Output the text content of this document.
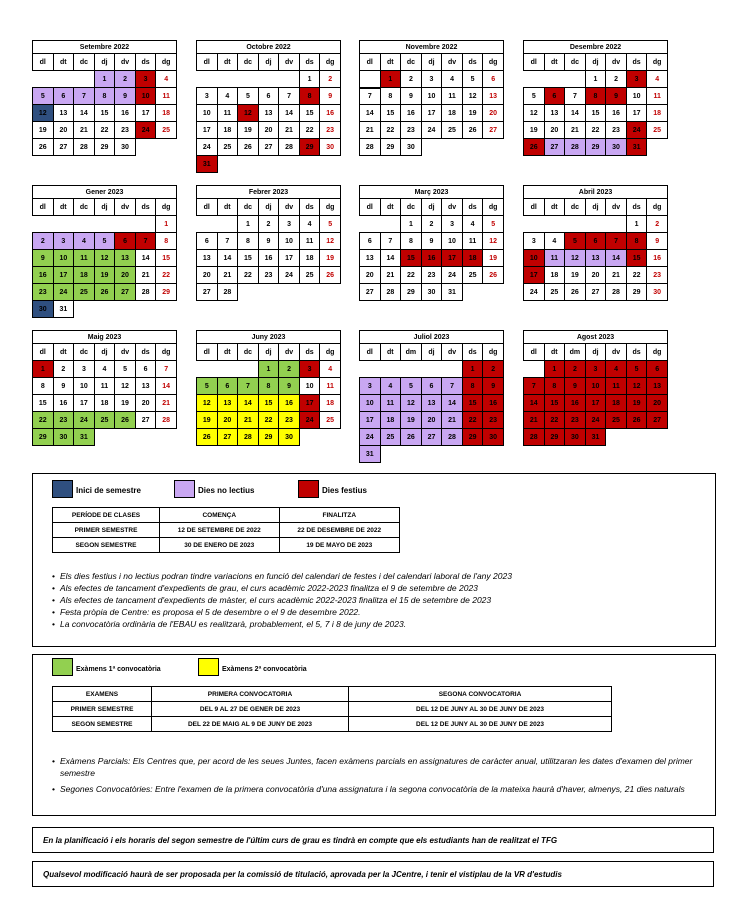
Setembre 2022						
dl	dt	dc	dj	dv	ds	dg
			1	2	3	4
5	6	7	8	9	10	11
12	13	14	15	16	17	18
19	20	21	22	23	24	25
26	27	28	29	30		
Octobre 2022						
dl	dt	dc	dj	dv	ds	dg
					1	2
3	4	5	6	7	8	9
10	11	12	13	14	15	16
17	18	19	20	21	22	23
24	25	26	27	28	29	30
31						
Novembre 2022						
dl	dt	dc	dj	dv	ds	dg
	1	2	3	4	5	6
7	8	9	10	11	12	13
14	15	16	17	18	19	20
21	22	23	24	25	26	27
28	29	30				
Desembre 2022						
dl	dt	dc	dj	dv	ds	dg
			1	2	3	4
5	6	7	8	9	10	11
12	13	14	15	16	17	18
19	20	21	22	23	24	25
26	27	28	29	30	31	
Gener 2023						
dl	dt	dc	dj	dv	ds	dg
						1
2	3	4	5	6	7	8
9	10	11	12	13	14	15
16	17	18	19	20	21	22
23	24	25	26	27	28	29
30	31					
Febrer 2023						
dl	dt	dc	dj	dv	ds	dg
		1	2	3	4	5
6	7	8	9	10	11	12
13	14	15	16	17	18	19
20	21	22	23	24	25	26
27	28					
Març 2023						
dl	dt	dc	dj	dv	ds	dg
		1	2	3	4	5
6	7	8	9	10	11	12
13	14	15	16	17	18	19
20	21	22	23	24	25	26
27	28	29	30	31		
Abril 2023						
dl	dt	dc	dj	dv	ds	dg
					1	2
3	4	5	6	7	8	9
10	11	12	13	14	15	16
17	18	19	20	21	22	23
24	25	26	27	28	29	30
Maig 2023						
dl	dt	dc	dj	dv	ds	dg
1	2	3	4	5	6	7
8	9	10	11	12	13	14
15	16	17	18	19	20	21
22	23	24	25	26	27	28
29	30	31				
Juny 2023						
dl	dt	dc	dj	dv	ds	dg
			1	2	3	4
5	6	7	8	9	10	11
12	13	14	15	16	17	18
19	20	21	22	23	24	25
26	27	28	29	30		
Juliol 2023						
dl	dt	dm	dj	dv	ds	dg
					1	2
3	4	5	6	7	8	9
10	11	12	13	14	15	16
17	18	19	20	21	22	23
24	25	26	27	28	29	30
31						
Agost 2023						
dl	dt	dm	dj	dv	ds	dg
	1	2	3	4	5	6
7	8	9	10	11	12	13
14	15	16	17	18	19	20
21	22	23	24	25	26	27
28	29	30	31			
Inici de semestre	Dies no lectius	Dies festius
PERÍODE DE CLASES	COMENÇA	FINALITZA
PRIMER SEMESTRE	12 DE SETEMBRE DE 2022	22 DE DESEMBRE DE 2022
SEGON SEMESTRE	30 DE ENERO DE 2023	19 DE MAYO DE 2023
• Els dies festius i no lectius podran tindre variacions en funció del calendari de festes i del calendari laboral de l'any 2023
• Als efectes de tancament d'expedients de grau, el curs acadèmic 2022-2023 finalitza el 9 de setembre de 2023
• Als efectes de tancament d'expedients de màster, el curs acadèmic 2022-2023 finalitza el 15 de setembre de 2023
• Festa pròpia de Centre: es proposa el 5 de desembre o el 9 de desembre 2022.
• La convocatòria ordinària de l'EBAU es realitzarà, probablement, el 5, 7 i 8 de juny de 2023.
Exàmens 1ª convocatòria	Exàmens 2ª convocatòria
EXAMENS	PRIMERA CONVOCATORIA	SEGONA CONVOCATORIA
PRIMER SEMESTRE	DEL 9 AL 27 DE GENER DE 2023	DEL 12 DE JUNY AL 30 DE JUNY DE 2023
SEGON SEMESTRE	DEL 22 DE MAIG AL 9 DE JUNY DE 2023	DEL 12 DE JUNY AL 30 DE JUNY DE 2023
• Exàmens Parcials: Els Centres que, per acord de les seues Juntes, facen exàmens parcials en assignatures de caràcter anual, utilitzaran les dates d'examen del primer semestre
• Segones Convocatòries: Entre l'examen de la primera convocatòria d'una assignatura i la segona convocatòria de la mateixa haurà d'haver, almenys, 21 dies naturals
En la planificació i els horaris del segon semestre de l'últim curs de grau es tindrà en compte que els estudiants han de realitzat el TFG
Qualsevol modificació haurà de ser proposada per la comissió de titulació, aprovada per la JCentre, i tenir el vistiplau de la VR d'estudis
